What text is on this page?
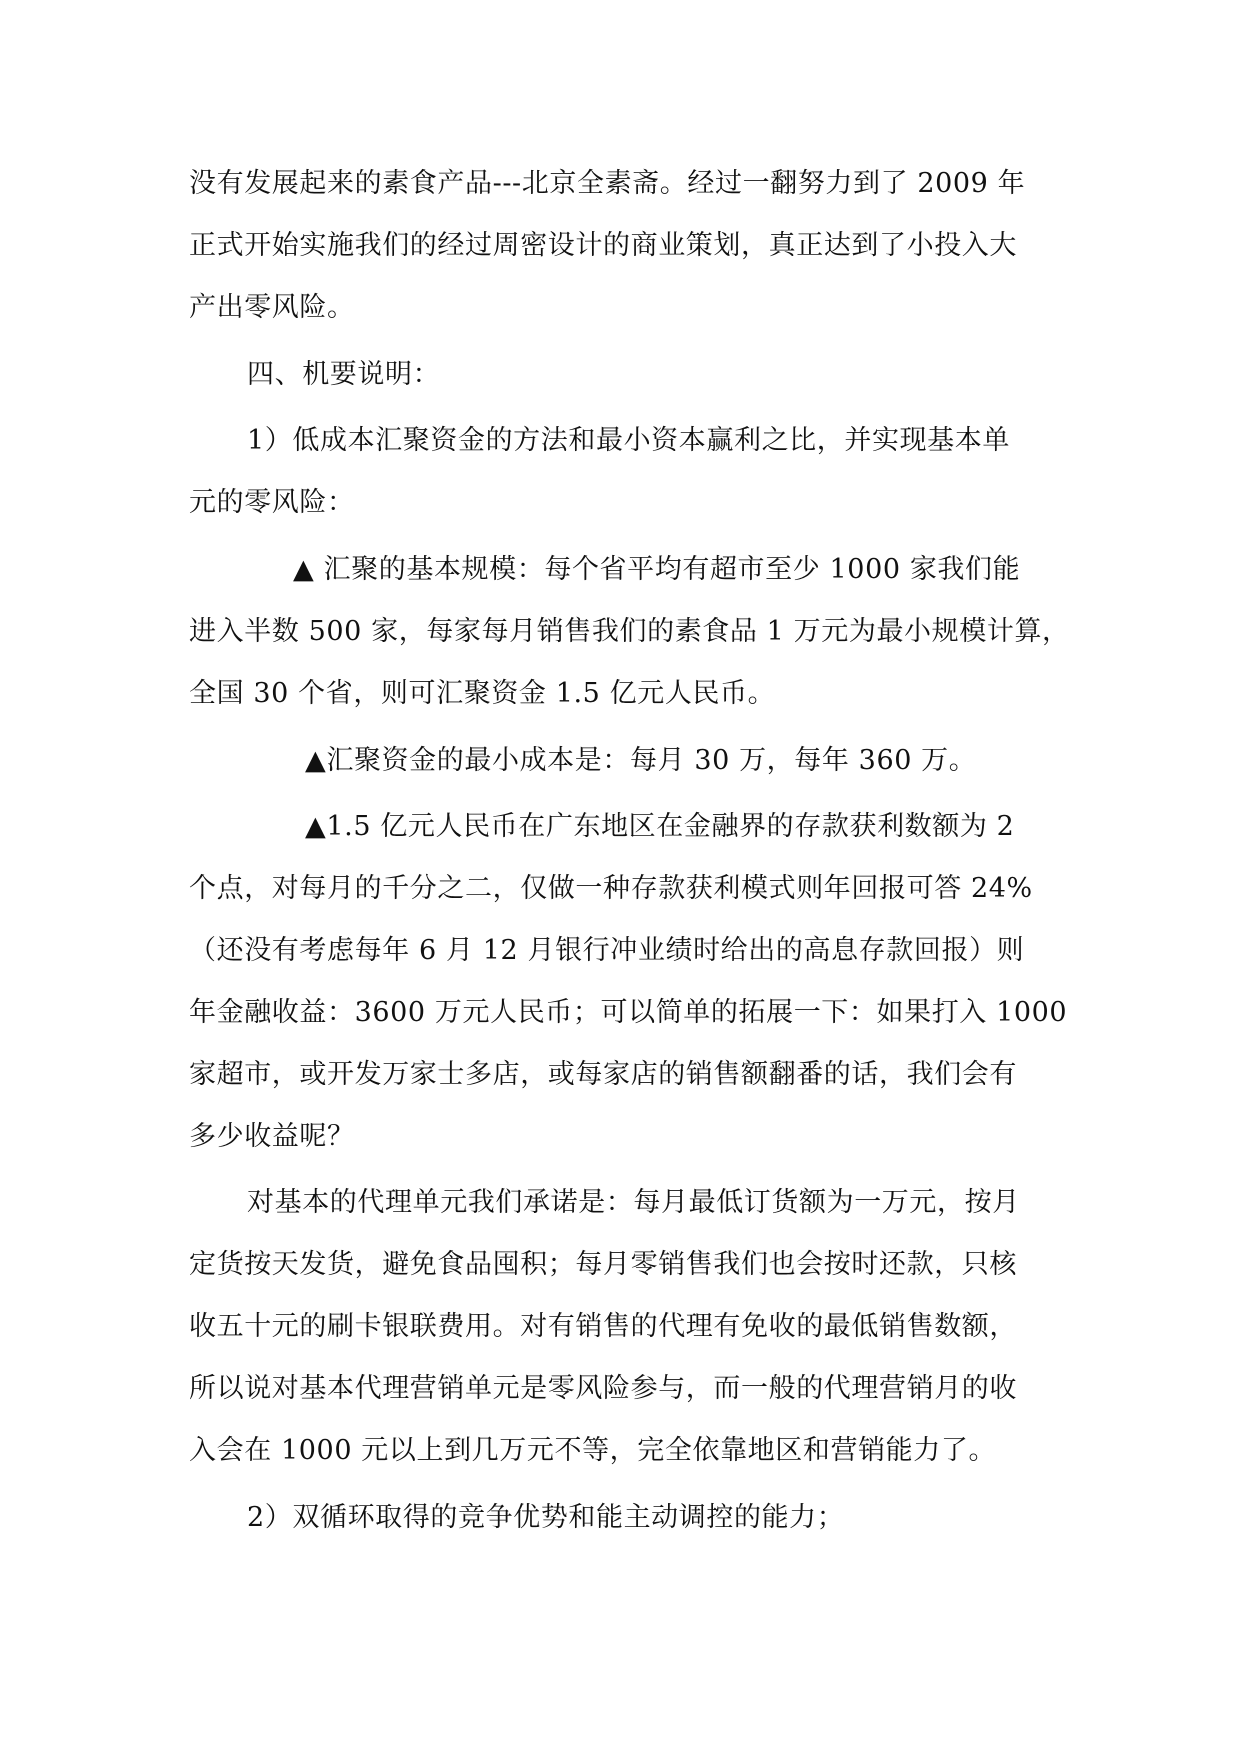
没有发展起来的素食产品---北京全素斋。经过一翻努力到了 2009 年
正式开始实施我们的经过周密设计的商业策划，真正达到了小投入大
产出零风险。
四、机要说明：
1）低成本汇聚资金的方法和最小资本赢利之比，并实现基本单
元的零风险：
▲ 汇聚的基本规模：每个省平均有超市至少 1000 家我们能
进入半数 500 家，每家每月销售我们的素食品 1 万元为最小规模计算，
全国 30 个省，则可汇聚资金 1.5 亿元人民币。
▲汇聚资金的最小成本是：每月 30 万，每年 360 万。
▲1.5 亿元人民币在广东地区在金融界的存款获利数额为 2
个点，对每月的千分之二，仅做一种存款获利模式则年回报可答 24%
（还没有考虑每年 6 月 12 月银行冲业绩时给出的高息存款回报）则
年金融收益：3600 万元人民币；可以简单的拓展一下：如果打入 1000
家超市，或开发万家士多店，或每家店的销售额翻番的话，我们会有
多少收益呢？
对基本的代理单元我们承诺是：每月最低订货额为一万元，按月
定货按天发货，避免食品囤积；每月零销售我们也会按时还款，只核
收五十元的刷卡银联费用。对有销售的代理有免收的最低销售数额，
所以说对基本代理营销单元是零风险参与，而一般的代理营销月的收
入会在 1000 元以上到几万元不等，完全依靠地区和营销能力了。
2）双循环取得的竞争优势和能主动调控的能力；
